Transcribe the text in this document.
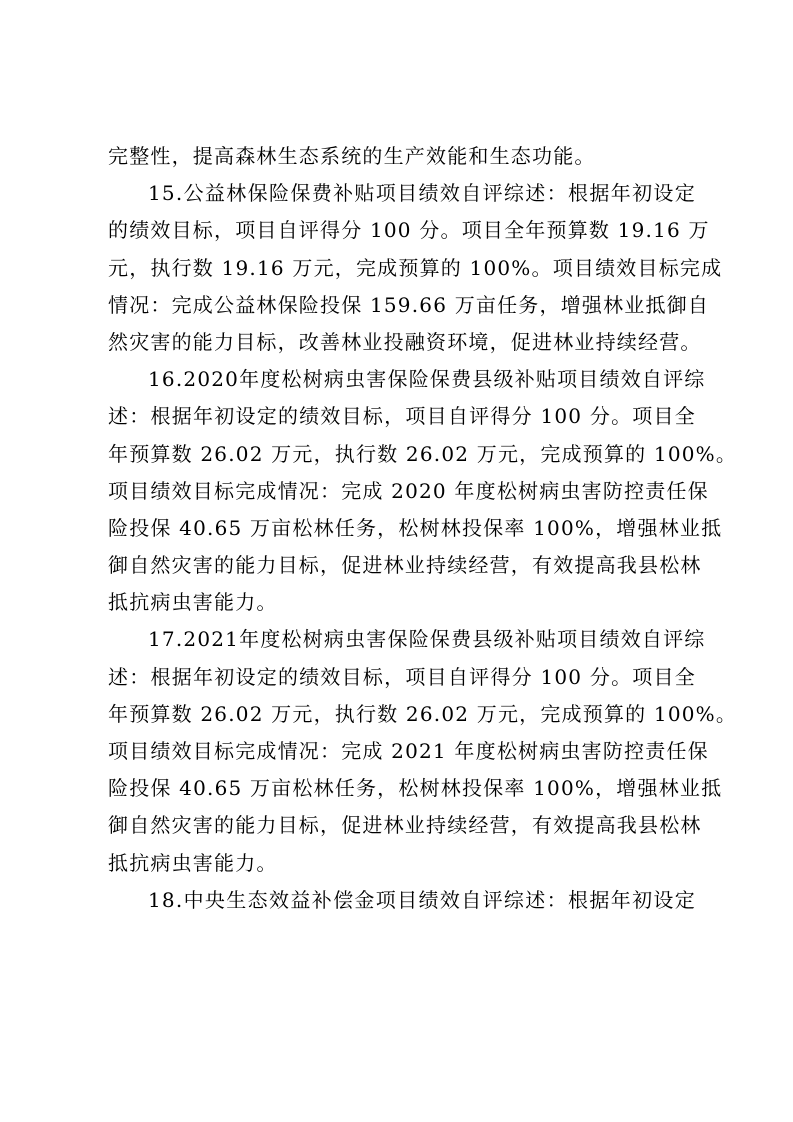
完整性，提高森林生态系统的生产效能和生态功能。
15.公益林保险保费补贴项目绩效自评综述：根据年初设定
的绩效目标，项目自评得分 100 分。项目全年预算数 19.16 万
元，执行数 19.16 万元，完成预算的 100%。项目绩效目标完成
情况：完成公益林保险投保 159.66 万亩任务，增强林业抵御自
然灾害的能力目标，改善林业投融资环境，促进林业持续经营。
16.2020年度松树病虫害保险保费县级补贴项目绩效自评综
述：根据年初设定的绩效目标，项目自评得分 100 分。项目全
年预算数 26.02 万元，执行数 26.02 万元，完成预算的 100%。
项目绩效目标完成情况：完成 2020 年度松树病虫害防控责任保
险投保 40.65 万亩松林任务，松树林投保率 100%，增强林业抵
御自然灾害的能力目标，促进林业持续经营，有效提高我县松林
抵抗病虫害能力。
17.2021年度松树病虫害保险保费县级补贴项目绩效自评综
述：根据年初设定的绩效目标，项目自评得分 100 分。项目全
年预算数 26.02 万元，执行数 26.02 万元，完成预算的 100%。
项目绩效目标完成情况：完成 2021 年度松树病虫害防控责任保
险投保 40.65 万亩松林任务，松树林投保率 100%，增强林业抵
御自然灾害的能力目标，促进林业持续经营，有效提高我县松林
抵抗病虫害能力。
18.中央生态效益补偿金项目绩效自评综述：根据年初设定
